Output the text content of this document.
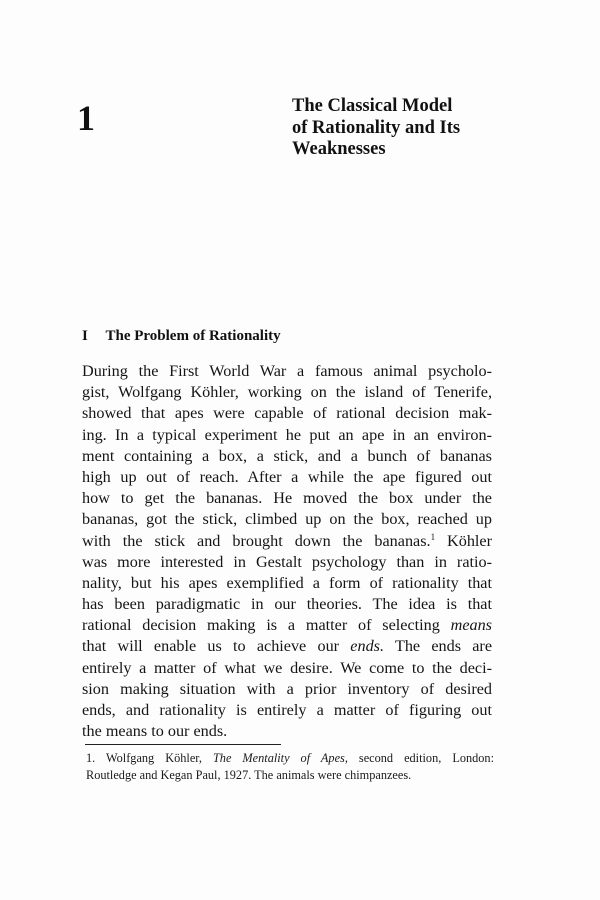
1	The Classical Model
of Rationality and Its
Weaknesses
I The Problem of Rationality
During the First World War a famous animal psycholo-
gist, Wolfgang Köhler, working on the island of Tenerife,
showed that apes were capable of rational decision mak-
ing. In a typical experiment he put an ape in an environ-
ment containing a box, a stick, and a bunch of bananas
high up out of reach. After a while the ape figured out
how to get the bananas. He moved the box under the
bananas, got the stick, climbed up on the box, reached up
with the stick and brought down the bananas.$^1$ Köhler
was more interested in Gestalt psychology than in ratio-
nality, but his apes exemplified a form of rationality that
has been paradigmatic in our theories. The idea is that
rational decision making is a matter of selecting means
that will enable us to achieve our ends. The ends are
entirely a matter of what we desire. We come to the deci-
sion making situation with a prior inventory of desired
ends, and rationality is entirely a matter of figuring out
the means to our ends.
1. Wolfgang Köhler, The Mentality of Apes, second edition, London:
Routledge and Kegan Paul, 1927. The animals were chimpanzees.
